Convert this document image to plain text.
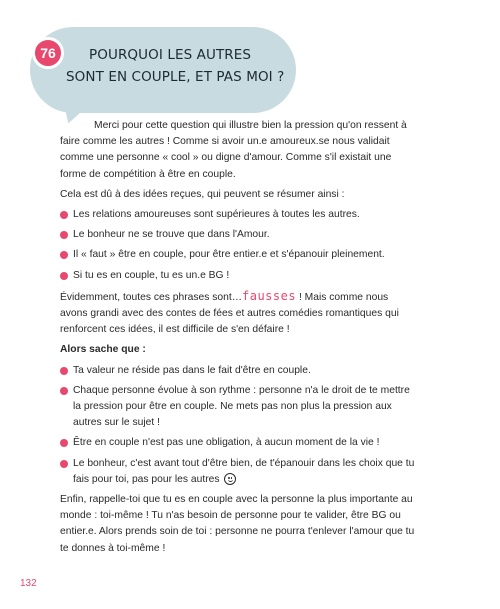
76	POURQUOI LES AUTRES
SONT EN COUPLE, ET PAS MOI ?

Merci pour cette question qui illustre bien la pression qu'on ressent à faire comme les autres ! Comme si avoir un.e amoureux.se nous validait comme une personne « cool » ou digne d'amour. Comme s'il existait une forme de compétition à être en couple.

Cela est dû à des idées reçues, qui peuvent se résumer ainsi :

Les relations amoureuses sont supérieures à toutes les autres.
Le bonheur ne se trouve que dans l'Amour.
Il « faut » être en couple, pour être entier.e et s'épanouir pleinement.
Si tu es en couple, tu es un.e BG !

Évidemment, toutes ces phrases sont…fausses ! Mais comme nous avons grandi avec des contes de fées et autres comédies romantiques qui renforcent ces idées, il est difficile de s'en défaire !

Alors sache que :

Ta valeur ne réside pas dans le fait d'être en couple.
Chaque personne évolue à son rythme : personne n'a le droit de te mettre la pression pour être en couple. Ne mets pas non plus la pression aux autres sur le sujet !
Être en couple n'est pas une obligation, à aucun moment de la vie !
Le bonheur, c'est avant tout d'être bien, de t'épanouir dans les choix que tu fais pour toi, pas pour les autres

Enfin, rappelle-toi que tu es en couple avec la personne la plus importante au monde : toi-même ! Tu n'as besoin de personne pour te valider, être BG ou entier.e. Alors prends soin de toi : personne ne pourra t'enlever l'amour que tu te donnes à toi-même !

132
